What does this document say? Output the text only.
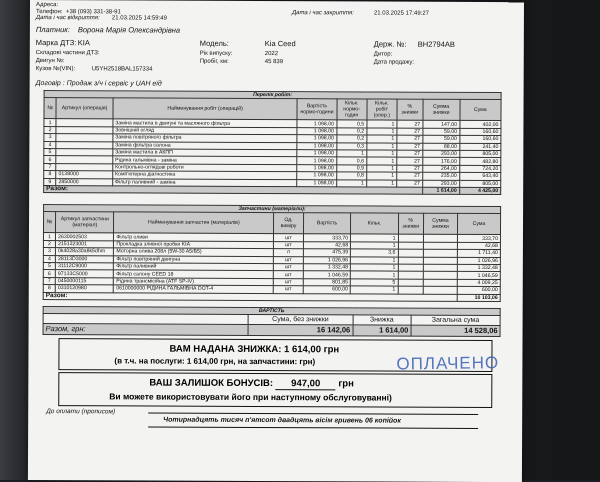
Адреса:
Телефон: +38 (093) 331-38-91
Дата і час відкриття: 21.03.2025 14:59:49
Дата і час закриття:	21.03.2025 17:49:27
Платник: Ворона Марія Олександрівна
Марка ДТЗ: KIA	Модель:	Kia Ceed	Держ. №: BH2794AB
Складові частини ДТЗ:	Рік випуску:	2022	Дитор:
Двигун №:	Пробіг, км:	45 839	Дата продажу:
Кузов №(VIN):	U5YH2518BAL157334
Договір : Продаж з/ч і сервіс у UAH еїд
Перелік робіт:								
№	Артикул (операція)	Найменування робіт (операцій)	Вартість нормо-години	Кільк. нормо-годин	Кільк. робіт (опер.)	% знижки	Сумма знижки	Сума
1		Заміна мастила в двигуні та масляного фільтра	1 098,00	0,5	1	27	147,00	402,00
2		Зовнішній огляд	1 098,00	0,2	1	27	59,00	160,60
3		Заміна повітряного фільтра	1 098,00	0,2	1	27	59,00	160,60
4		Заміна фільтра салона	1 098,00	0,3	1	27	88,00	241,40
5		Заміна мастила в АКПП	1 098,00	1	1	27	293,00	805,00
6		Рідина гальмівна - заміна	1 098,00	0,6	1	27	176,00	482,80
7		Контрольно-оглядові роботи	1 098,00	0,9	1	27	264,00	724,20
8	0138000	Комп'ютерна діагностика	1 098,00	0,8	1	27	235,00	643,40
9	2850000	Фільтр паливний - заміна	1 098,00	1	1	27	293,00	805,00
Разом:							1 614,00	4 425,00
Запчастини (матеріали):								
№	Артикул запчастини (матеріал)	Найменування запчастин (матеріалів)	Од. виміру	Вартість	Кільк.	% знижки	Сумма знижки	Сума
1	2630002503	Фільтр оливи	шт	333,70	1			333,70
2	2151323001	Прокладка зливної пробки KIA	шт	42,68	1			42,68
3	0k4028a30a8k5dhm	Моторна олива 208л (5W-30 A5/B5)	л	475,39	3,6			1 711,40
4	28113D3000	Фільтр повітряний двигуна	шт	1 026,96	1			1 026,96
5	31112C9000	Фільтр паливний	шт	1 332,48	1			1 332,48
6	97133C5000	Фільтр салону CEED 18	шт	1 046,59	1			1 046,59
7	0450000115	Рідина трансмісійна (ATF SP-IV)	шт	801,85	5			4 009,25
8	0310120980	0610000000 РІДИНА ГАЛЬМІВНА DOT-4	шт	600,00	1			600,00
Разом:								10 103,06
ВАРТІСТЬ			
	Сума, без знижки	Знижка	Загальна сума
Разом, грн:	16 142,06	1 614,00	14 528,06
ВАМ НАДАНА ЗНИЖКА: 1 614,00 грн
(в т.ч. на послуги: 1 614,00 грн, на запчастини: грн)	ОПЛАЧЕНО
ВАШ ЗАЛИШОК БОНУСІВ: 947,00 грн
Ви можете використовувати його при наступному обслуговуванні)
До оплати (прописом)
Чотирнадцять тисяч п'ятсот двадцять вісім гривень 06 копійок
